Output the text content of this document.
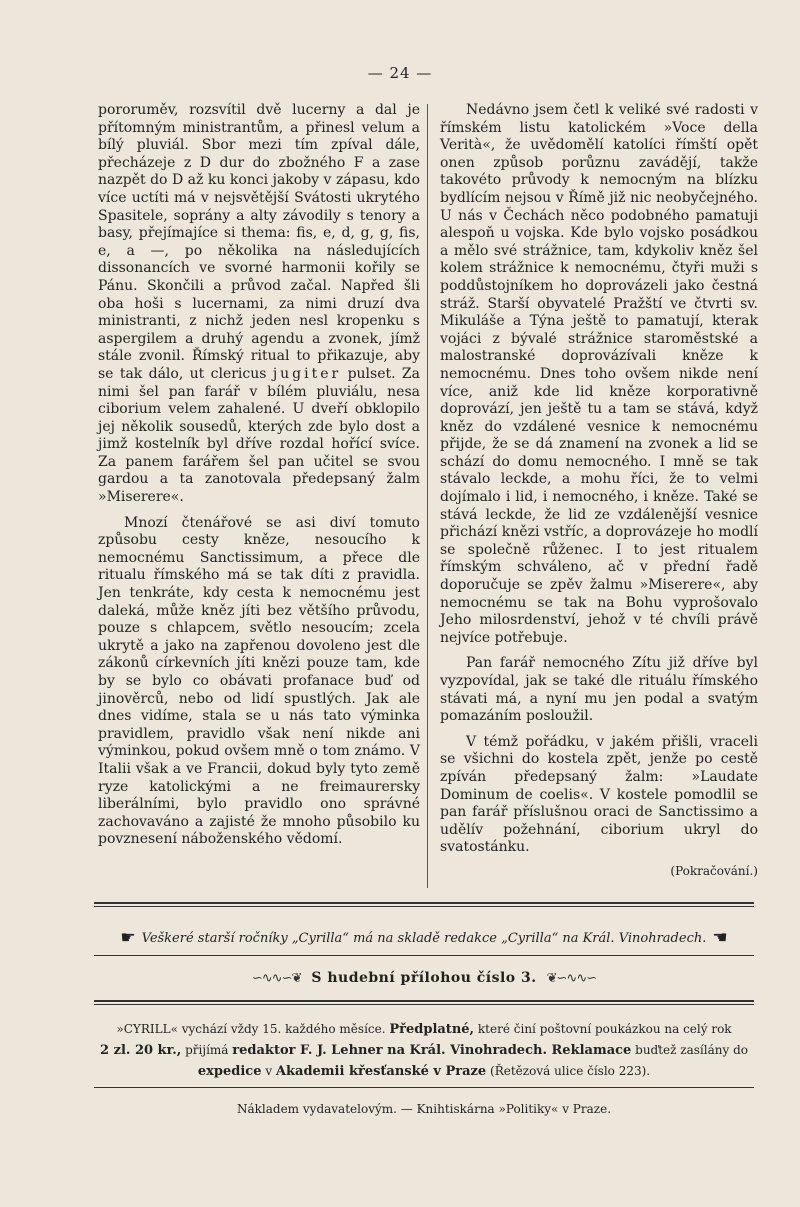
— 24 —

pororuměv, rozsvítil dvě lucerny a dal je přítomným ministrantům, a přinesl velum a bílý pluviál. Sbor mezi tím zpíval dále, přecházeje z D dur do zbožného F a zase nazpět do D až ku konci jakoby v zápasu, kdo více uctíti má v nejsvětější Svátosti ukrytého Spasitele, soprány a alty závodily s tenory a basy, přejímajíce si thema: fis, e, d, g, g, fis, e, a —, po několika na následujících dissonancích ve svorné harmonii kořily se Pánu. Skončili a průvod začal. Napřed šli oba hoši s lucernami, za nimi druzí dva ministranti, z nichž jeden nesl kropenku s aspergilem a druhý agendu a zvonek, jímž stále zvonil. Římský ritual to přikazuje, aby se tak dálo, ut clericus jugiter pulset. Za nimi šel pan farář v bílém pluviálu, nesa ciborium velem zahalené. U dveří obklopilo jej několik sousedů, kterých zde bylo dost a jimž kostelník byl dříve rozdal hořící svíce. Za panem farářem šel pan učitel se svou gardou a ta zanotovala předepsaný žalm »Miserere«.

Mnozí čtenářové se asi diví tomuto způsobu cesty kněze, nesoucího k nemocnému Sanctissimum, a přece dle ritualu římského má se tak díti z pravidla. Jen tenkráte, kdy cesta k nemocnému jest daleká, může kněz jíti bez většího průvodu, pouze s chlapcem, světlo nesoucím; zcela ukrytě a jako na zapřenou dovoleno jest dle zákonů církevních jíti knězi pouze tam, kde by se bylo co obávati profanace buď od jinověrců, nebo od lidí spustlých. Jak ale dnes vidíme, stala se u nás tato výminka pravidlem, pravidlo však není nikde ani výminkou, pokud ovšem mně o tom známo. V Italii však a ve Francii, dokud byly tyto země ryze katolickými a ne freimaurersky liberálními, bylo pravidlo ono správné zachovaváno a zajisté že mnoho působilo ku povznesení náboženského vědomí.

Nedávno jsem četl k veliké své radosti v římském listu katolickém »Voce della Verità«, že uvědomělí katolíci římští opět onen způsob porůznu zavádějí, takže takovéto průvody k nemocným na blízku bydlícím nejsou v Římě již nic neobyčejného. U nás v Čechách něco podobného pamatuji alespoň u vojska. Kde bylo vojsko posádkou a mělo své strážnice, tam, kdykoliv kněz šel kolem strážnice k nemocnému, čtyři muži s poddůstojníkem ho doprovázeli jako čestná stráž. Starší obyvatelé Pražští ve čtvrti sv. Mikuláše a Týna ještě to pamatují, kterak vojáci z bývalé strážnice staroměstské a malostranské doprovázívali kněze k nemocnému. Dnes toho ovšem nikde není více, aniž kde lid kněze korporativně doprovází, jen ještě tu a tam se stává, když kněz do vzdálené vesnice k nemocnému přijde, že se dá znamení na zvonek a lid se schází do domu nemocného. I mně se tak stávalo leckde, a mohu říci, že to velmi dojímalo i lid, i nemocného, i kněze. Také se stává leckde, že lid ze vzdálenější vesnice přichází knězi vstříc, a doprovázeje ho modlí se společně růženec. I to jest ritualem římským schváleno, ač v přední řadě doporučuje se zpěv žalmu »Miserere«, aby nemocnému se tak na Bohu vyprošovalo Jeho milosrdenství, jehož v té chvíli právě nejvíce potřebuje.

Pan farář nemocného Zítu již dříve byl vyzpovídal, jak se také dle rituálu římského stávati má, a nyní mu jen podal a svatým pomazáním posloužil.

V témž pořádku, v jakém přišli, vraceli se všichni do kostela zpět, jenže po cestě zpíván předepsaný žalm: »Laudate Dominum de coelis«. V kostele pomodlil se pan farář příslušnou oraci de Sanctissimo a udělív požehnání, ciborium ukryl do svatostánku.

(Pokračování.)
☛ Veškeré starší ročníky „Cyrilla“ má na skladě redakce „Cyrilla“ na Král. Vinohradech. ☚
∽∿∿∽❦ S hudební přílohou číslo 3. ❦∽∿∿∽
»CYRILL« vychází vždy 15. každého měsíce. Předplatné, které činí poštovní poukázkou na celý rok
2 zl. 20 kr., přijímá redaktor F. J. Lehner na Král. Vinohradech. Reklamace buďtež zasílány do expedice v Akademii křesťanské v Praze (Řetězová ulice číslo 223).
Nákladem vydavatelovým. — Knihtiskárna »Politiky« v Praze.
